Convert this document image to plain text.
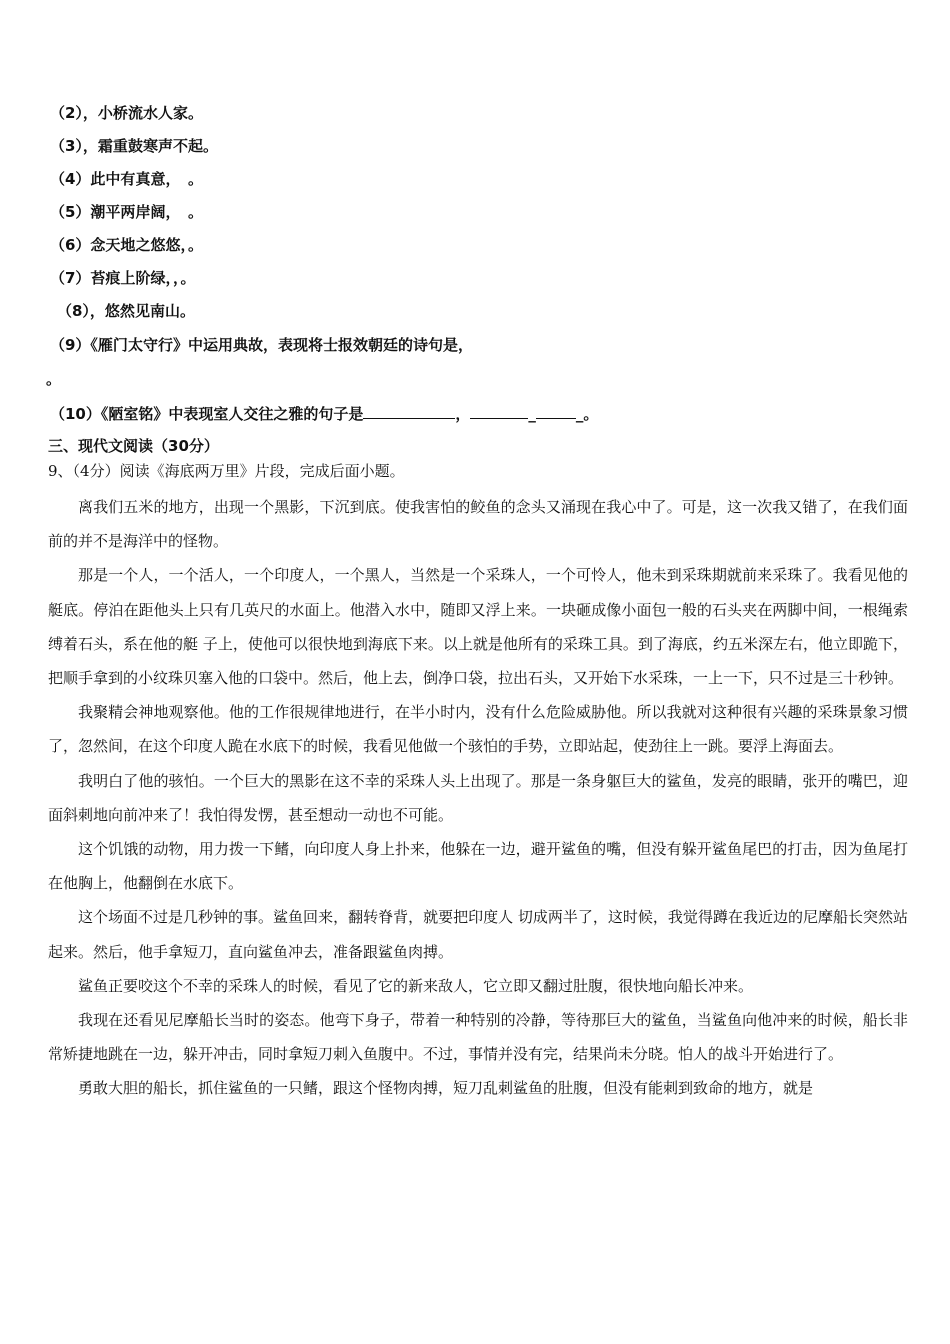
（2），小桥流水人家。
（3），霜重鼓寒声不起。
（4）此中有真意，　。
（5）潮平两岸阔，　。
（6）念天地之悠悠，。
（7）苔痕上阶绿，，。
（8），悠然见南山。
（9）《雁门太守行》中运用典故，表现将士报效朝廷的诗句是，
。
（10）《陋室铭》中表现室人交往之雅的句子是	，	_	_。
三、现代文阅读（30分）
9、（4分）阅读《海底两万里》片段，完成后面小题。

离我们五米的地方，出现一个黑影，下沉到底。使我害怕的鲛鱼的念头又涌现在我心中了。可是，这一次我又错了，在我们面前的并不是海洋中的怪物。

那是一个人，一个活人，一个印度人，一个黑人，当然是一个采珠人，一个可怜人，他未到采珠期就前来采珠了。我看见他的艇底。停泊在距他头上只有几英尺的水面上。他潜入水中，随即又浮上来。一块砸成像小面包一般的石头夹在两脚中间，一根绳索缚着石头，系在他的艇 子上，使他可以很快地到海底下来。以上就是他所有的采珠工具。到了海底，约五米深左右，他立即跪下，把顺手拿到的小纹珠贝塞入他的口袋中。然后，他上去，倒净口袋，拉出石头，又开始下水采珠，一上一下，只不过是三十秒钟。

我聚精会神地观察他。他的工作很规律地进行，在半小时内，没有什么危险威胁他。所以我就对这种很有兴趣的采珠景象习惯了，忽然间，在这个印度人跪在水底下的时候，我看见他做一个骇怕的手势，立即站起，使劲往上一跳。要浮上海面去。

我明白了他的骇怕。一个巨大的黑影在这不幸的采珠人头上出现了。那是一条身躯巨大的鲨鱼，发亮的眼睛，张开的嘴巴，迎面斜刺地向前冲来了！我怕得发愣，甚至想动一动也不可能。

这个饥饿的动物，用力拨一下鳍，向印度人身上扑来，他躲在一边，避开鲨鱼的嘴，但没有躲开鲨鱼尾巴的打击，因为鱼尾打在他胸上，他翻倒在水底下。

这个场面不过是几秒钟的事。鲨鱼回来，翻转脊背，就要把印度人 切成两半了，这时候，我觉得蹲在我近边的尼摩船长突然站起来。然后，他手拿短刀，直向鲨鱼冲去，准备跟鲨鱼肉搏。

鲨鱼正要咬这个不幸的采珠人的时候，看见了它的新来敌人，它立即又翻过肚腹，很快地向船长冲来。

我现在还看见尼摩船长当时的姿态。他弯下身子，带着一种特别的冷静，等待那巨大的鲨鱼，当鲨鱼向他冲来的时候，船长非常矫捷地跳在一边，躲开冲击，同时拿短刀刺入鱼腹中。不过，事情并没有完，结果尚未分晓。怕人的战斗开始进行了。

勇敢大胆的船长，抓住鲨鱼的一只鳍，跟这个怪物肉搏，短刀乱刺鲨鱼的肚腹，但没有能刺到致命的地方，就是
